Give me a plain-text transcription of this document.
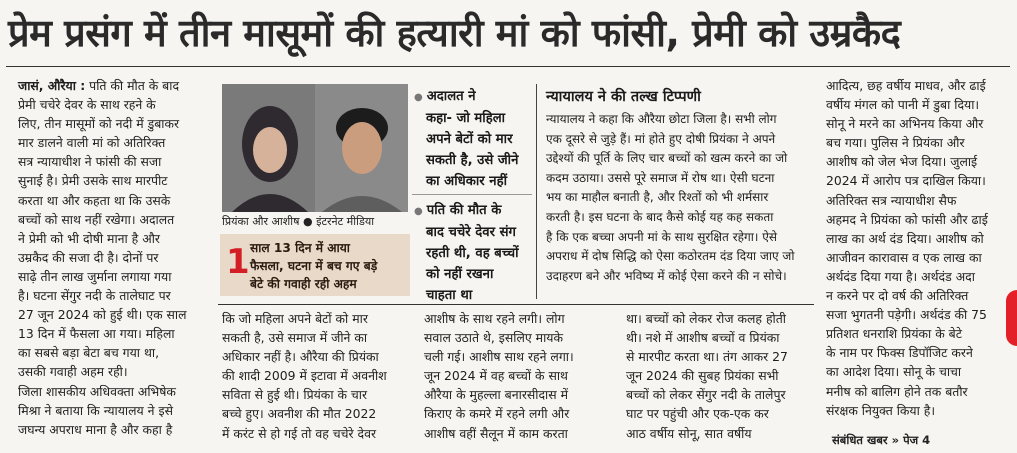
प्रेम प्रसंग में तीन मासूमों की हत्यारी मां को फांसी, प्रेमी को उम्रकैद

जासं, औरैया : पति की मौत के बाद

प्रेमी चचेरे देवर के साथ रहने के
लिए, तीन मासूमों को नदी में डुबाकर
मार डालने वाली मां को अतिरिक्त
सत्र न्यायाधीश ने फांसी की सजा
सुनाई है। प्रेमी उसके साथ मारपीट
करता था और कहता था कि उसके
बच्चों को साथ नहीं रखेगा। अदालत
ने प्रेमी को भी दोषी माना है और
उम्रकैद की सजा दी है। दोनों पर
साढ़े तीन लाख जुर्माना लगाया गया
है। घटना सेंगुर नदी के तालेघाट पर
27 जून 2024 को हुई थी। एक साल
13 दिन में फैसला आ गया। महिला
का सबसे बड़ा बेटा बच गया था,
उसकी गवाही अहम रही।
जिला शासकीय अधिवक्ता अभिषेक
मिश्रा ने बताया कि न्यायालय ने इसे
जघन्य अपराध माना है और कहा है
प्रियंका और आशीष ● इंटरनेट मीडिया
1 साल 13 दिन में आया
फैसला, घटना में बच गए बड़े
बेटे की गवाही रही अहम
● अदालत ने
कहा- जो महिला
अपने बेटों को मार
सकती है, उसे जीने
का अधिकार नहीं
● पति की मौत के
बाद चचेरे देवर संग
रहती थी, वह बच्चों
को नहीं रखना
चाहता था
न्यायालय ने की तल्ख टिप्पणी
न्यायालय ने कहा कि औरैया छोटा जिला है। सभी लोग
एक दूसरे से जुड़े हैं। मां होते हुए दोषी प्रियंका ने अपने
उद्देश्यों की पूर्ति के लिए चार बच्चों को खत्म करने का जो
कदम उठाया। उससे पूरे समाज में रोष था। ऐसी घटना
भय का माहौल बनाती है, और रिश्तों को भी शर्मसार
करती है। इस घटना के बाद कैसे कोई यह कह सकता
है कि एक बच्चा अपनी मां के साथ सुरक्षित रहेगा। ऐसे
अपराध में दोष सिद्धि को ऐसा कठोरतम दंड दिया जाए जो
उदाहरण बने और भविष्य में कोई ऐसा करने की न सोचे।
कि जो महिला अपने बेटों को मार
सकती है, उसे समाज में जीने का
अधिकार नहीं है। औरैया की प्रियंका
की शादी 2009 में इटावा में अवनीश
सविता से हुई थी। प्रियंका के चार
बच्चे हुए। अवनीश की मौत 2022
में करंट से हो गई तो वह चचेरे देवर
आशीष के साथ रहने लगी। लोग
सवाल उठाते थे, इसलिए मायके
चली गई। आशीष साथ रहने लगा।
जून 2024 में वह बच्चों के साथ
औरैया के मुहल्ला बनारसीदास में
किराए के कमरे में रहने लगी और
आशीष वहीं सैलून में काम करता
था। बच्चों को लेकर रोज कलह होती
थी। नशे में आशीष बच्चों व प्रियंका
से मारपीट करता था। तंग आकर 27
जून 2024 की सुबह प्रियंका सभी
बच्चों को लेकर सेंगुर नदी के तालेपुर
घाट पर पहुंची और एक-एक कर
आठ वर्षीय सोनू, सात वर्षीय
आदित्य, छह वर्षीय माधव, और ढाई
वर्षीय मंगल को पानी में डुबा दिया।
सोनू ने मरने का अभिनय किया और
बच गया। पुलिस ने प्रियंका और
आशीष को जेल भेज दिया। जुलाई
2024 में आरोप पत्र दाखिल किया।
अतिरिक्त सत्र न्यायाधीश सैफ
अहमद ने प्रियंका को फांसी और ढाई
लाख का अर्थ दंड दिया। आशीष को
आजीवन कारावास व एक लाख का
अर्थदंड दिया गया है। अर्थदंड अदा
न करने पर दो वर्ष की अतिरिक्त
सजा भुगतनी पड़ेगी। अर्थदंड की 75
प्रतिशत धनराशि प्रियंका के बेटे
के नाम पर फिक्स डिपॉजिट करने
का आदेश दिया। सोनू के चाचा
मनीष को बालिग होने तक बतौर
संरक्षक नियुक्त किया है।
संबंधित खबर » पेज 4
